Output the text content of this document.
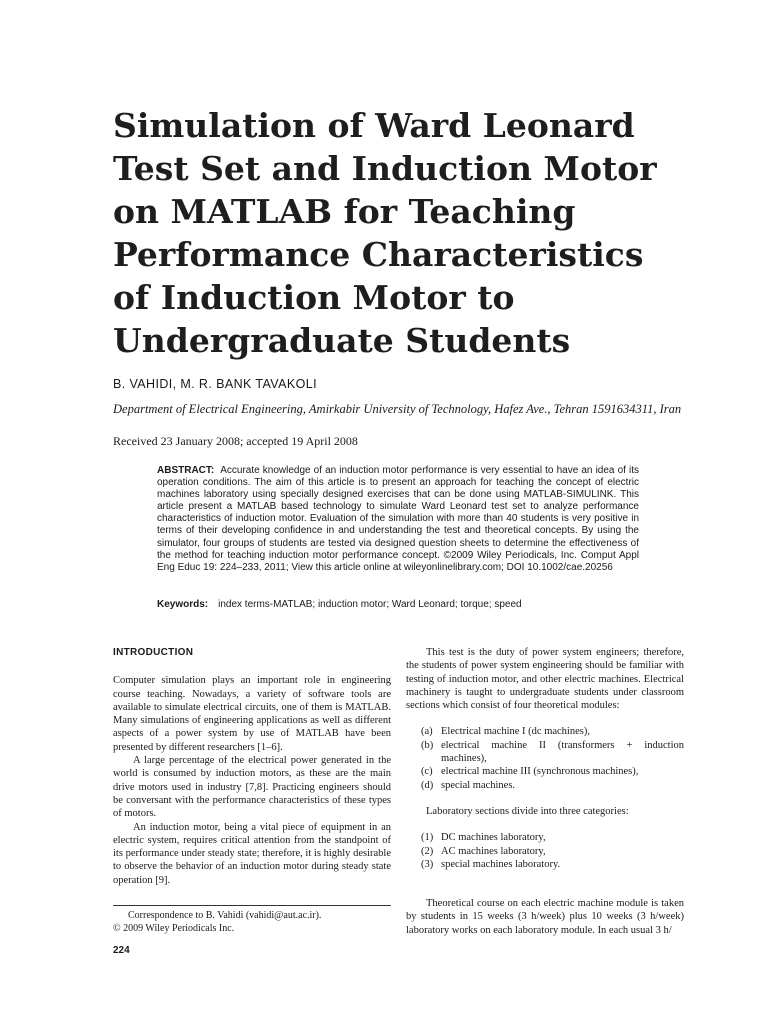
Simulation of Ward Leonard
Test Set and Induction Motor
on MATLAB for Teaching
Performance Characteristics
of Induction Motor to
Undergraduate Students
B. VAHIDI, M. R. BANK TAVAKOLI
Department of Electrical Engineering, Amirkabir University of Technology, Hafez Ave., Tehran 1591634311, Iran
Received 23 January 2008; accepted 19 April 2008
ABSTRACT: Accurate knowledge of an induction motor performance is very essential to have an idea of its operation conditions. The aim of this article is to present an approach for teaching the concept of electric machines laboratory using specially designed exercises that can be done using MATLAB-SIMULINK. This article present a MATLAB based technology to simulate Ward Leonard test set to analyze performance characteristics of induction motor. Evaluation of the simulation with more than 40 students is very positive in terms of their developing confidence in and understanding the test and theoretical concepts. By using the simulator, four groups of students are tested via designed question sheets to determine the effectiveness of the method for teaching induction motor performance concept. ©2009 Wiley Periodicals, Inc. Comput Appl Eng Educ 19: 224–233, 2011; View this article online at wileyonlinelibrary.com; DOI 10.1002/cae.20256
Keywords: index terms-MATLAB; induction motor; Ward Leonard; torque; speed
INTRODUCTION

Computer simulation plays an important role in engineering course teaching. Nowadays, a variety of software tools are available to simulate electrical circuits, one of them is MATLAB. Many simulations of engineering applications as well as different aspects of a power system by use of MATLAB have been presented by different researchers [1–6].

A large percentage of the electrical power generated in the world is consumed by induction motors, as these are the main drive motors used in industry [7,8]. Practicing engineers should be conversant with the performance characteristics of these types of motors.

An induction motor, being a vital piece of equipment in an electric system, requires critical attention from the standpoint of its performance under steady state; therefore, it is highly desirable to observe the behavior of an induction motor during steady state operation [9].

This test is the duty of power system engineers; therefore, the students of power system engineering should be familiar with testing of induction motor, and other electric machines. Electrical machinery is taught to undergraduate students under classroom sections which consist of four theoretical modules:

(a) Electrical machine I (dc machines),
(b) electrical machine II (transformers + induction machines),
(c) electrical machine III (synchronous machines),
(d) special machines.

Laboratory sections divide into three categories:

(1) DC machines laboratory,
(2) AC machines laboratory,
(3) special machines laboratory.

Theoretical course on each electric machine module is taken by students in 15 weeks (3 h/week) plus 10 weeks (3 h/week) laboratory works on each laboratory module. In each usual 3 h/

Correspondence to B. Vahidi (vahidi@aut.ac.ir).
© 2009 Wiley Periodicals Inc.
224
